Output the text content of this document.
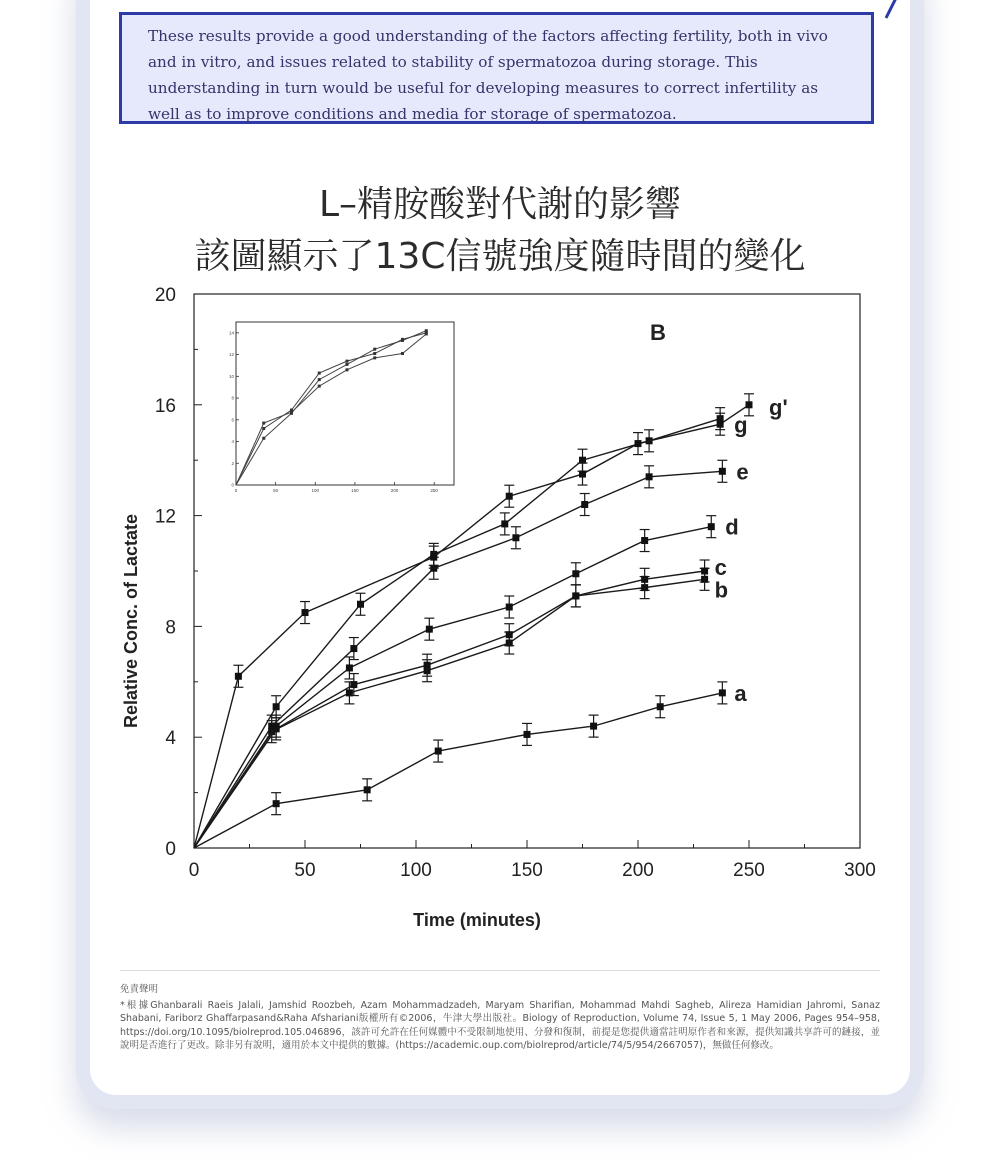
These results provide a good understanding of the factors affecting fertility, both in vivo and in vitro, and issues related to stability of spermatozoa during storage. This understanding in turn would be useful for developing measures to correct infertility as well as to improve conditions and media for storage of spermatozoa.
L–精胺酸對代謝的影響
該圖顯示了13C信號強度隨時間的變化
0	50	100	150	200	250	300
0
4
8
12
16
20
Time (minutes)
Relative Conc. of Lactate
B
a
b
c
d
e
g
g'
0	50	100	150	200	250
0
2
4
6
8
10
12
14
免責聲明
*根據Ghanbarali Raeis Jalali, Jamshid Roozbeh, Azam Mohammadzadeh, Maryam Sharifian, Mohammad Mahdi Sagheb, Alireza Hamidian Jahromi, Sanaz Shabani, Fariborz Ghaffarpasand&Raha Afshariani版權所有©2006，牛津大學出版社。Biology of Reproduction, Volume 74, Issue 5, 1 May 2006, Pages 954–958, https://doi.org/10.1095/biolreprod.105.046896，該許可允許在任何媒體中不受限制地使用、分發和復制，前提是您提供適當註明原作者和來源，提供知識共享許可的鏈接，並說明是否進行了更改。除非另有說明，適用於本文中提供的數據。(https://academic.oup.com/biolreprod/article/74/5/954/2667057)，無做任何修改。
